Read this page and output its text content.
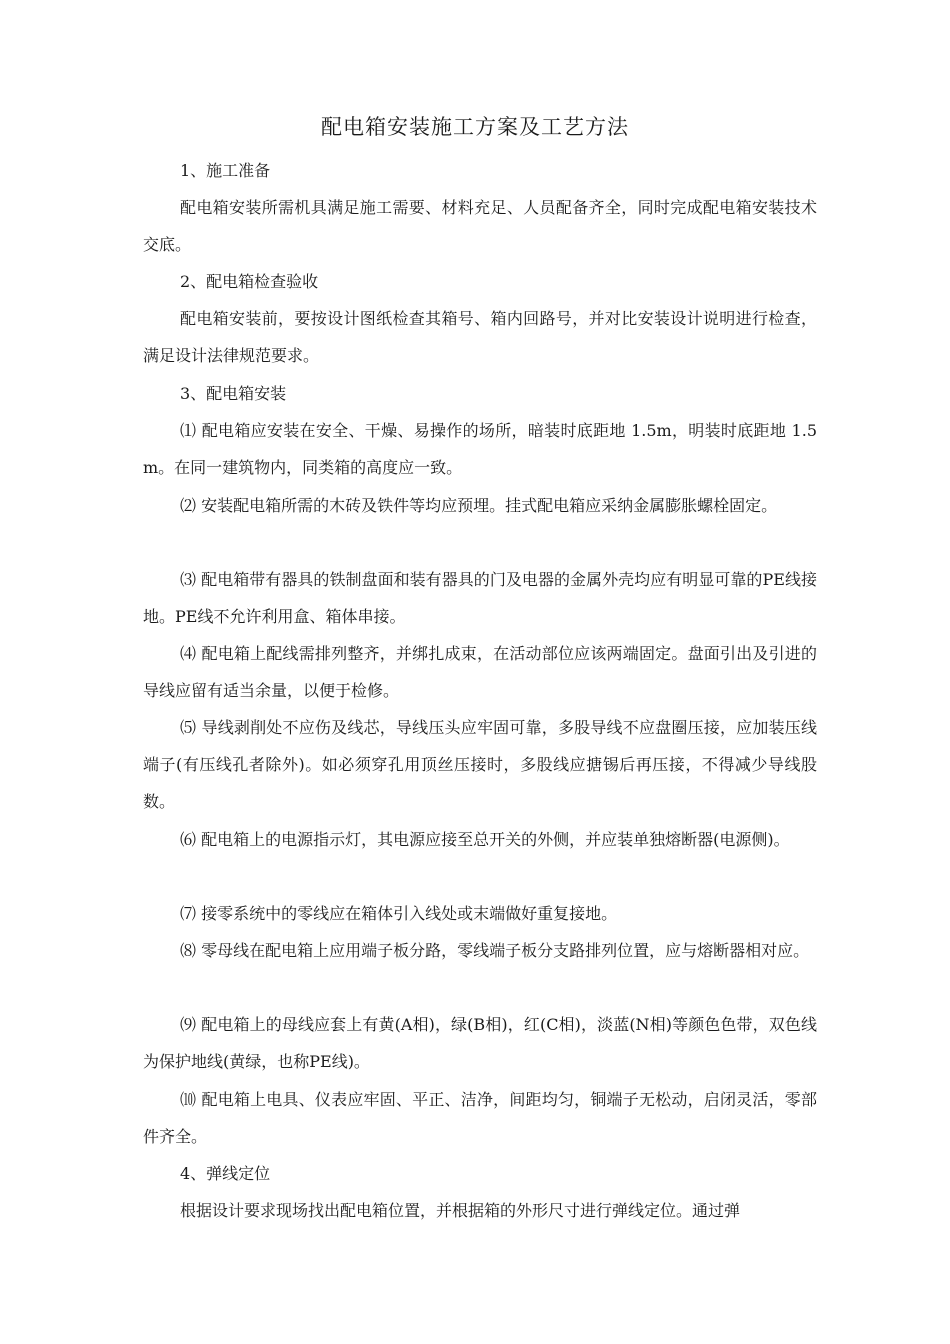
配电箱安装施工方案及工艺方法
1、施工准备
配电箱安装所需机具满足施工需要、材料充足、人员配备齐全，同时完成配电箱安装技术交底。
2、配电箱检查验收
配电箱安装前，要按设计图纸检查其箱号、箱内回路号，并对比安装设计说明进行检查，满足设计法律规范要求。
3、配电箱安装
⑴ 配电箱应安装在安全、干燥、易操作的场所，暗装时底距地 1.5m，明装时底距地 1.5m。在同一建筑物内，同类箱的高度应一致。
⑵ 安装配电箱所需的木砖及铁件等均应预埋。挂式配电箱应采纳金属膨胀螺栓固定。
⑶ 配电箱带有器具的铁制盘面和装有器具的门及电器的金属外壳均应有明显可靠的PE线接地。PE线不允许利用盒、箱体串接。
⑷ 配电箱上配线需排列整齐，并绑扎成束，在活动部位应该两端固定。盘面引出及引进的导线应留有适当余量，以便于检修。
⑸ 导线剥削处不应伤及线芯，导线压头应牢固可靠，多股导线不应盘圈压接，应加装压线端子(有压线孔者除外)。如必须穿孔用顶丝压接时，多股线应搪锡后再压接，不得减少导线股数。
⑹ 配电箱上的电源指示灯，其电源应接至总开关的外侧，并应装单独熔断器(电源侧)。
⑺ 接零系统中的零线应在箱体引入线处或末端做好重复接地。
⑻ 零母线在配电箱上应用端子板分路，零线端子板分支路排列位置，应与熔断器相对应。
⑼ 配电箱上的母线应套上有黄(A相)，绿(B相)，红(C相)，淡蓝(N相)等颜色色带，双色线为保护地线(黄绿，也称PE线)。
⑽ 配电箱上电具、仪表应牢固、平正、洁净，间距均匀，铜端子无松动，启闭灵活，零部件齐全。
4、弹线定位
根据设计要求现场找出配电箱位置，并根据箱的外形尺寸进行弹线定位。通过弹
